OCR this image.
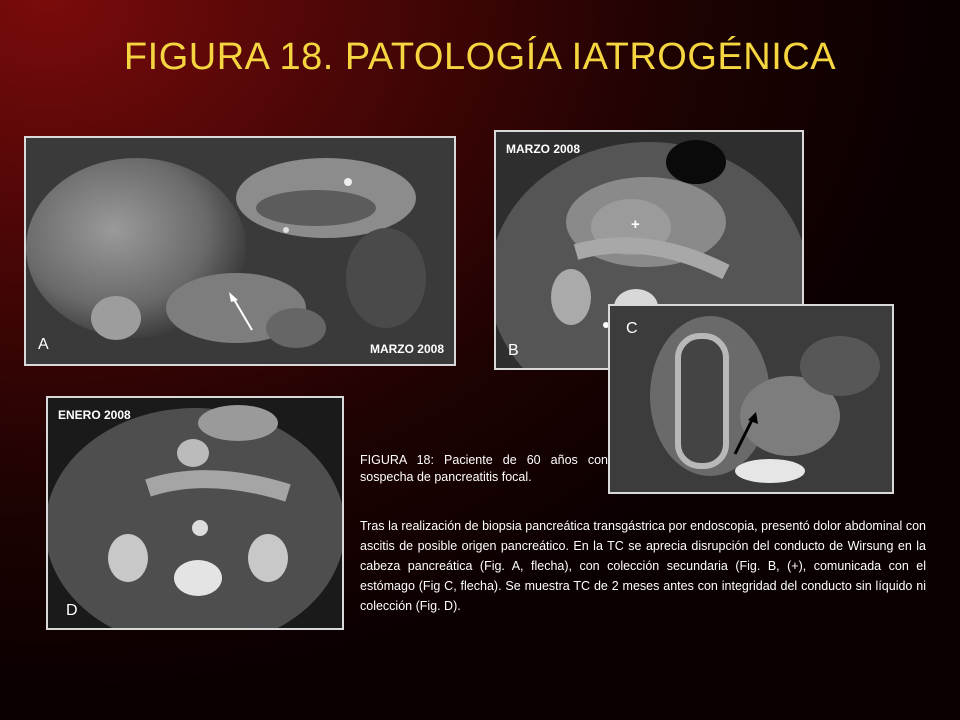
FIGURA 18. PATOLOGÍA IATROGÉNICA
A	MARZO 2008
MARZO 2008
+
B
ENERO 2008
D
C
FIGURA 18: Paciente de 60 años con sospecha de pancreatitis focal.
Tras la realización de biopsia pancreática transgástrica por endoscopia, presentó dolor abdominal con ascitis de posible origen pancreático. En la TC se aprecia disrupción del conducto de Wirsung en la cabeza pancreática (Fig. A, flecha), con colección secundaria (Fig. B, (+), comunicada con el estómago (Fig C, flecha). Se muestra TC de 2 meses antes con integridad del conducto sin líquido ni colección (Fig. D).
